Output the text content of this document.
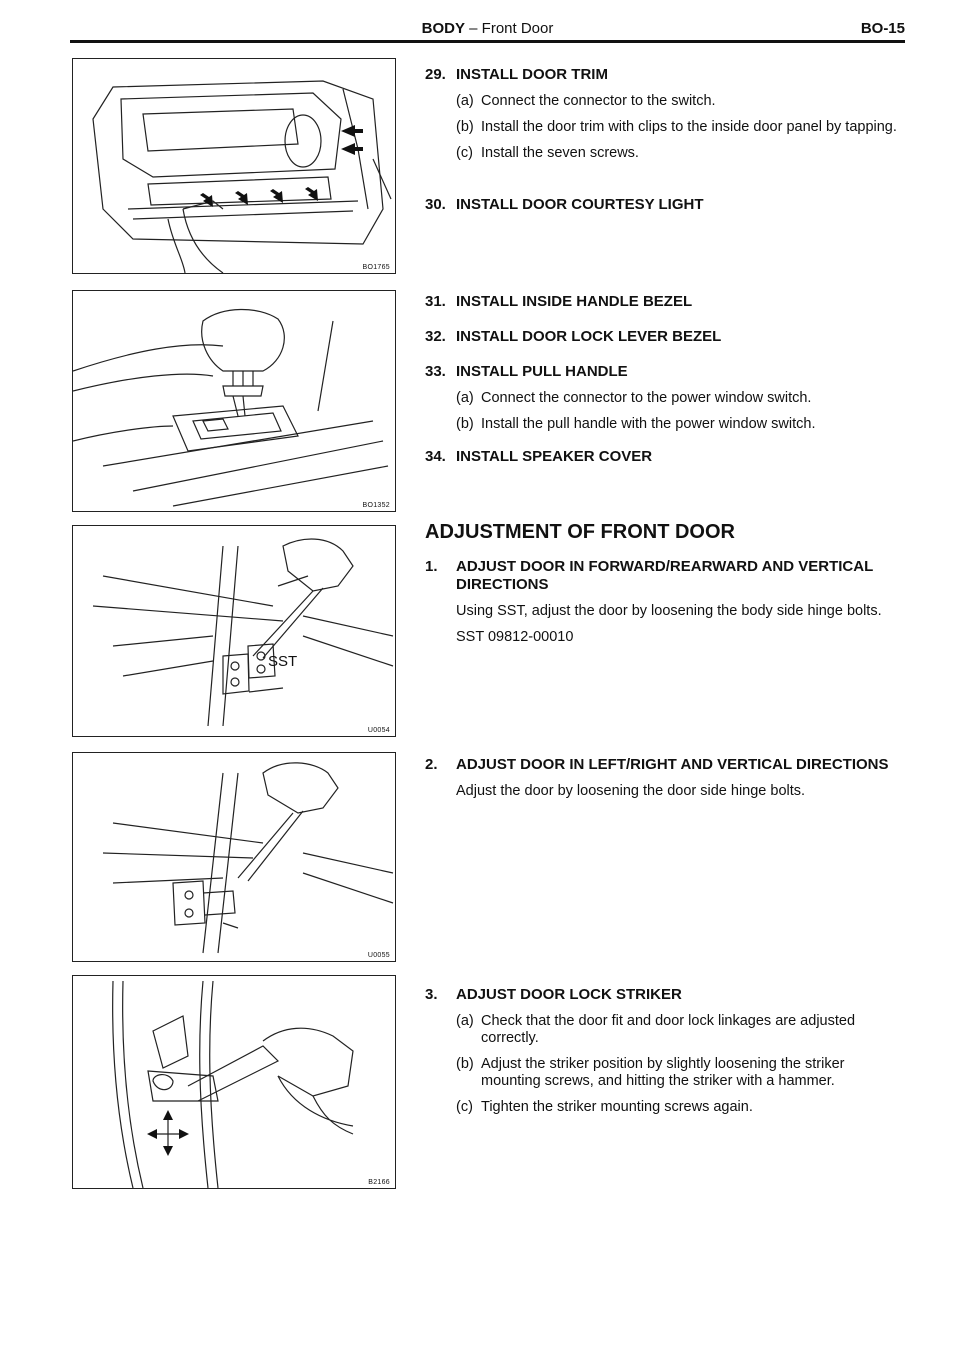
BODY – Front Door	BO-15
BO1765
BO1352
SST
U0054
U0055
B2166
29. INSTALL DOOR TRIM
(a) Connect the connector to the switch.
(b) Install the door trim with clips to the inside door panel by tapping.
(c) Install the seven screws.
30. INSTALL DOOR COURTESY LIGHT
31. INSTALL INSIDE HANDLE BEZEL
32. INSTALL DOOR LOCK LEVER BEZEL
33. INSTALL PULL HANDLE
(a) Connect the connector to the power window switch.
(b) Install the pull handle with the power window switch.
34. INSTALL SPEAKER COVER
ADJUSTMENT OF FRONT DOOR
1.	ADJUST DOOR IN FORWARD/REARWARD AND VERTICAL DIRECTIONS
Using SST, adjust the door by loosening the body side hinge bolts.
SST 09812-00010
2.	ADJUST DOOR IN LEFT/RIGHT AND VERTICAL DIRECTIONS
Adjust the door by loosening the door side hinge bolts.
3.	ADJUST DOOR LOCK STRIKER
(a) Check that the door fit and door lock linkages are adjusted correctly.
(b) Adjust the striker position by slightly loosening the striker mounting screws, and hitting the striker with a hammer.
(c) Tighten the striker mounting screws again.
